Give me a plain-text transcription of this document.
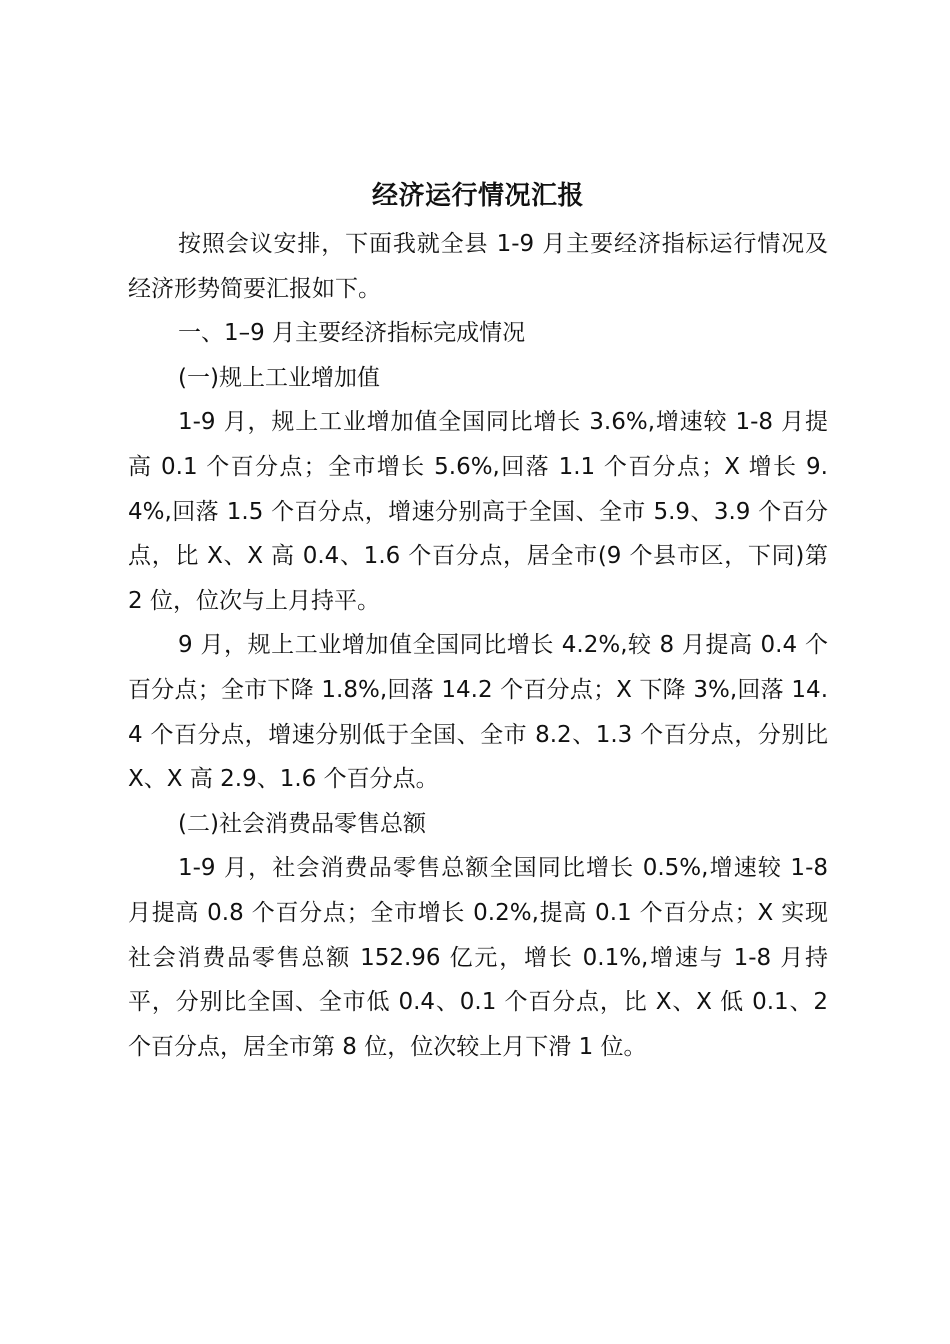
经济运行情况汇报

按照会议安排，下面我就全县 1-9 月主要经济指标运行情况及经济形势简要汇报如下。

一、1–9 月主要经济指标完成情况

(一)规上工业增加值

1-9 月，规上工业增加值全国同比增长 3.6%,增速较 1-8 月提高 0.1 个百分点；全市增长 5.6%,回落 1.1 个百分点；X 增长 9.4%,回落 1.5 个百分点，增速分别高于全国、全市 5.9、3.9 个百分点，比 X、X 高 0.4、1.6 个百分点，居全市(9 个县市区，下同)第 2 位，位次与上月持平。

9 月，规上工业增加值全国同比增长 4.2%,较 8 月提高 0.4 个百分点；全市下降 1.8%,回落 14.2 个百分点；X 下降 3%,回落 14.4 个百分点，增速分别低于全国、全市 8.2、1.3 个百分点，分别比 X、X 高 2.9、1.6 个百分点。

(二)社会消费品零售总额

1-9 月，社会消费品零售总额全国同比增长 0.5%,增速较 1-8 月提高 0.8 个百分点；全市增长 0.2%,提高 0.1 个百分点；X 实现社会消费品零售总额 152.96 亿元，增长 0.1%,增速与 1-8 月持平，分别比全国、全市低 0.4、0.1 个百分点，比 X、X 低 0.1、2 个百分点，居全市第 8 位，位次较上月下滑 1 位。
